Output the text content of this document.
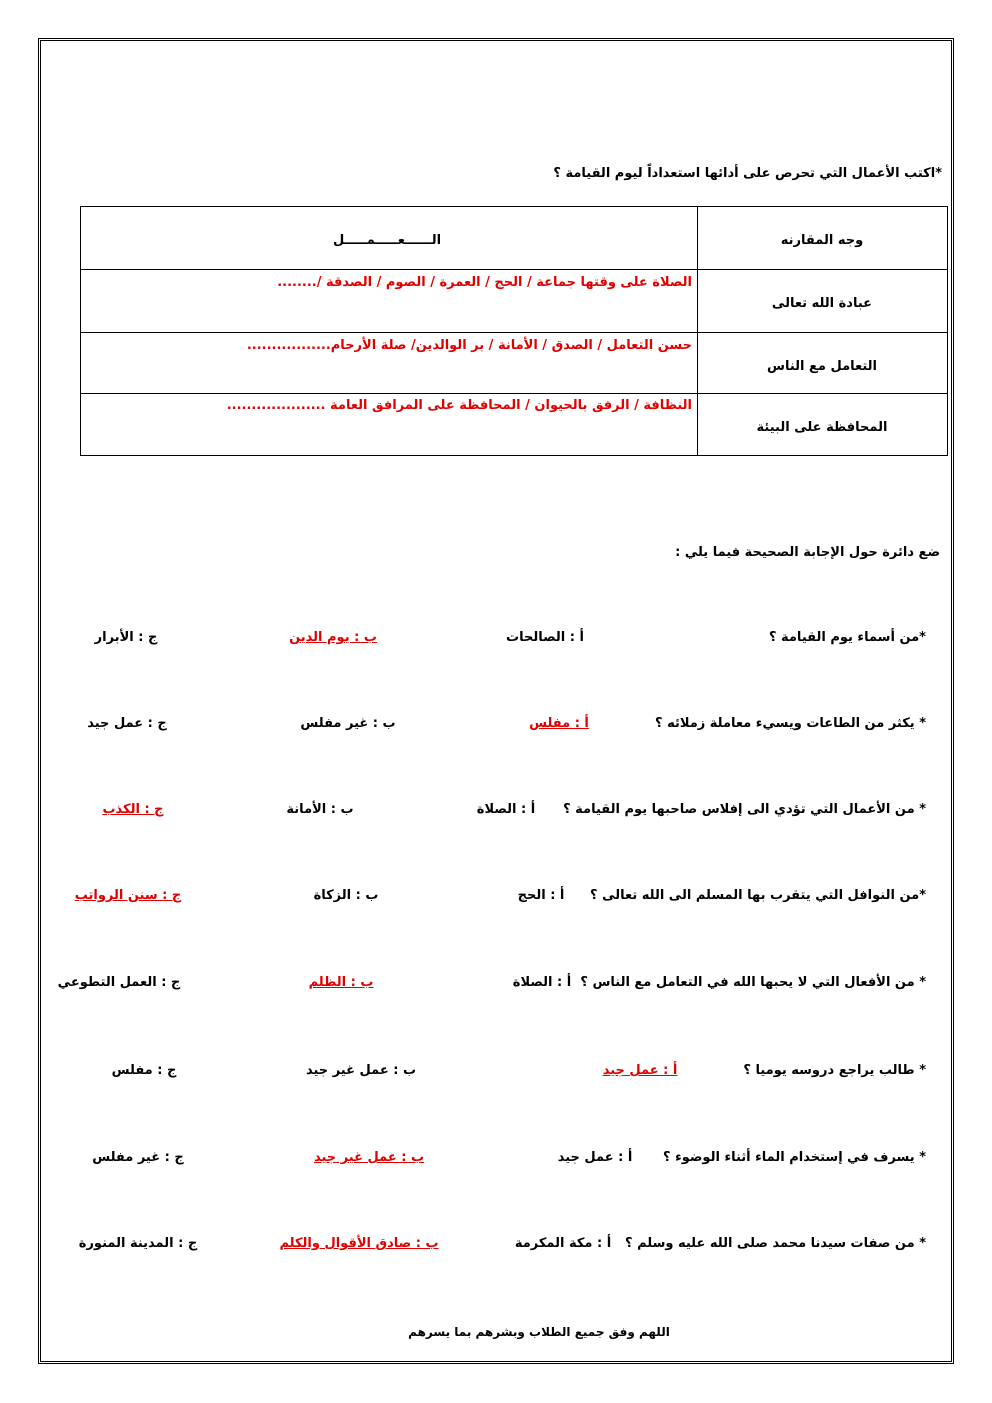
*اكتب الأعمال التي تحرص على أدائها استعداداً ليوم القيامة ؟
الــــــعـــــمـــــل	وجه المقارنه
الصلاة على وقتها جماعة / الحج / العمرة / الصوم / الصدقة /........
عبادة الله تعالى
حسن التعامل / الصدق / الأمانة / بر الوالدين/ صلة الأرحام.................
التعامل مع الناس
النظافة / الرفق بالحيوان / المحافظة على المرافق العامة ....................
المحافظة على البيئة
ضع دائرة حول الإجابة الصحيحة فيما يلي :
*من أسماء يوم القيامة ؟
أ : الصالحات
ب : يوم الدين
ج : الأبرار
* يكثر من الطاعات ويسيء معاملة زملائه ؟
أ : مفلس
ب : غير مفلس
ج : عمل جيد
* من الأعمال التي تؤدي الى إفلاس صاحبها يوم القيامة ؟
أ : الصلاة
ب : الأمانة
ج : الكذب
*من النوافل التي يتقرب بها المسلم الى الله تعالى ؟
أ : الحج
ب : الزكاة
ج : سنن الرواتب
* من الأفعال التي لا يحبها الله في التعامل مع الناس ؟
أ : الصلاة
ب : الظلم
ج : العمل التطوعي
* طالب يراجع دروسه يوميا ؟
أ : عمل جيد
ب : عمل غير جيد
ج : مفلس
* يسرف في إستخدام الماء أثناء الوضوء ؟
أ : عمل جيد
ب : عمل غير جيد
ج : غير مفلس
* من صفات سيدنا محمد صلى الله عليه وسلم ؟
أ : مكة المكرمة
ب : صادق الأقوال والكلم
ج : المدينة المنورة
اللهم وفق جميع الطلاب وبشرهم بما يسرهم
